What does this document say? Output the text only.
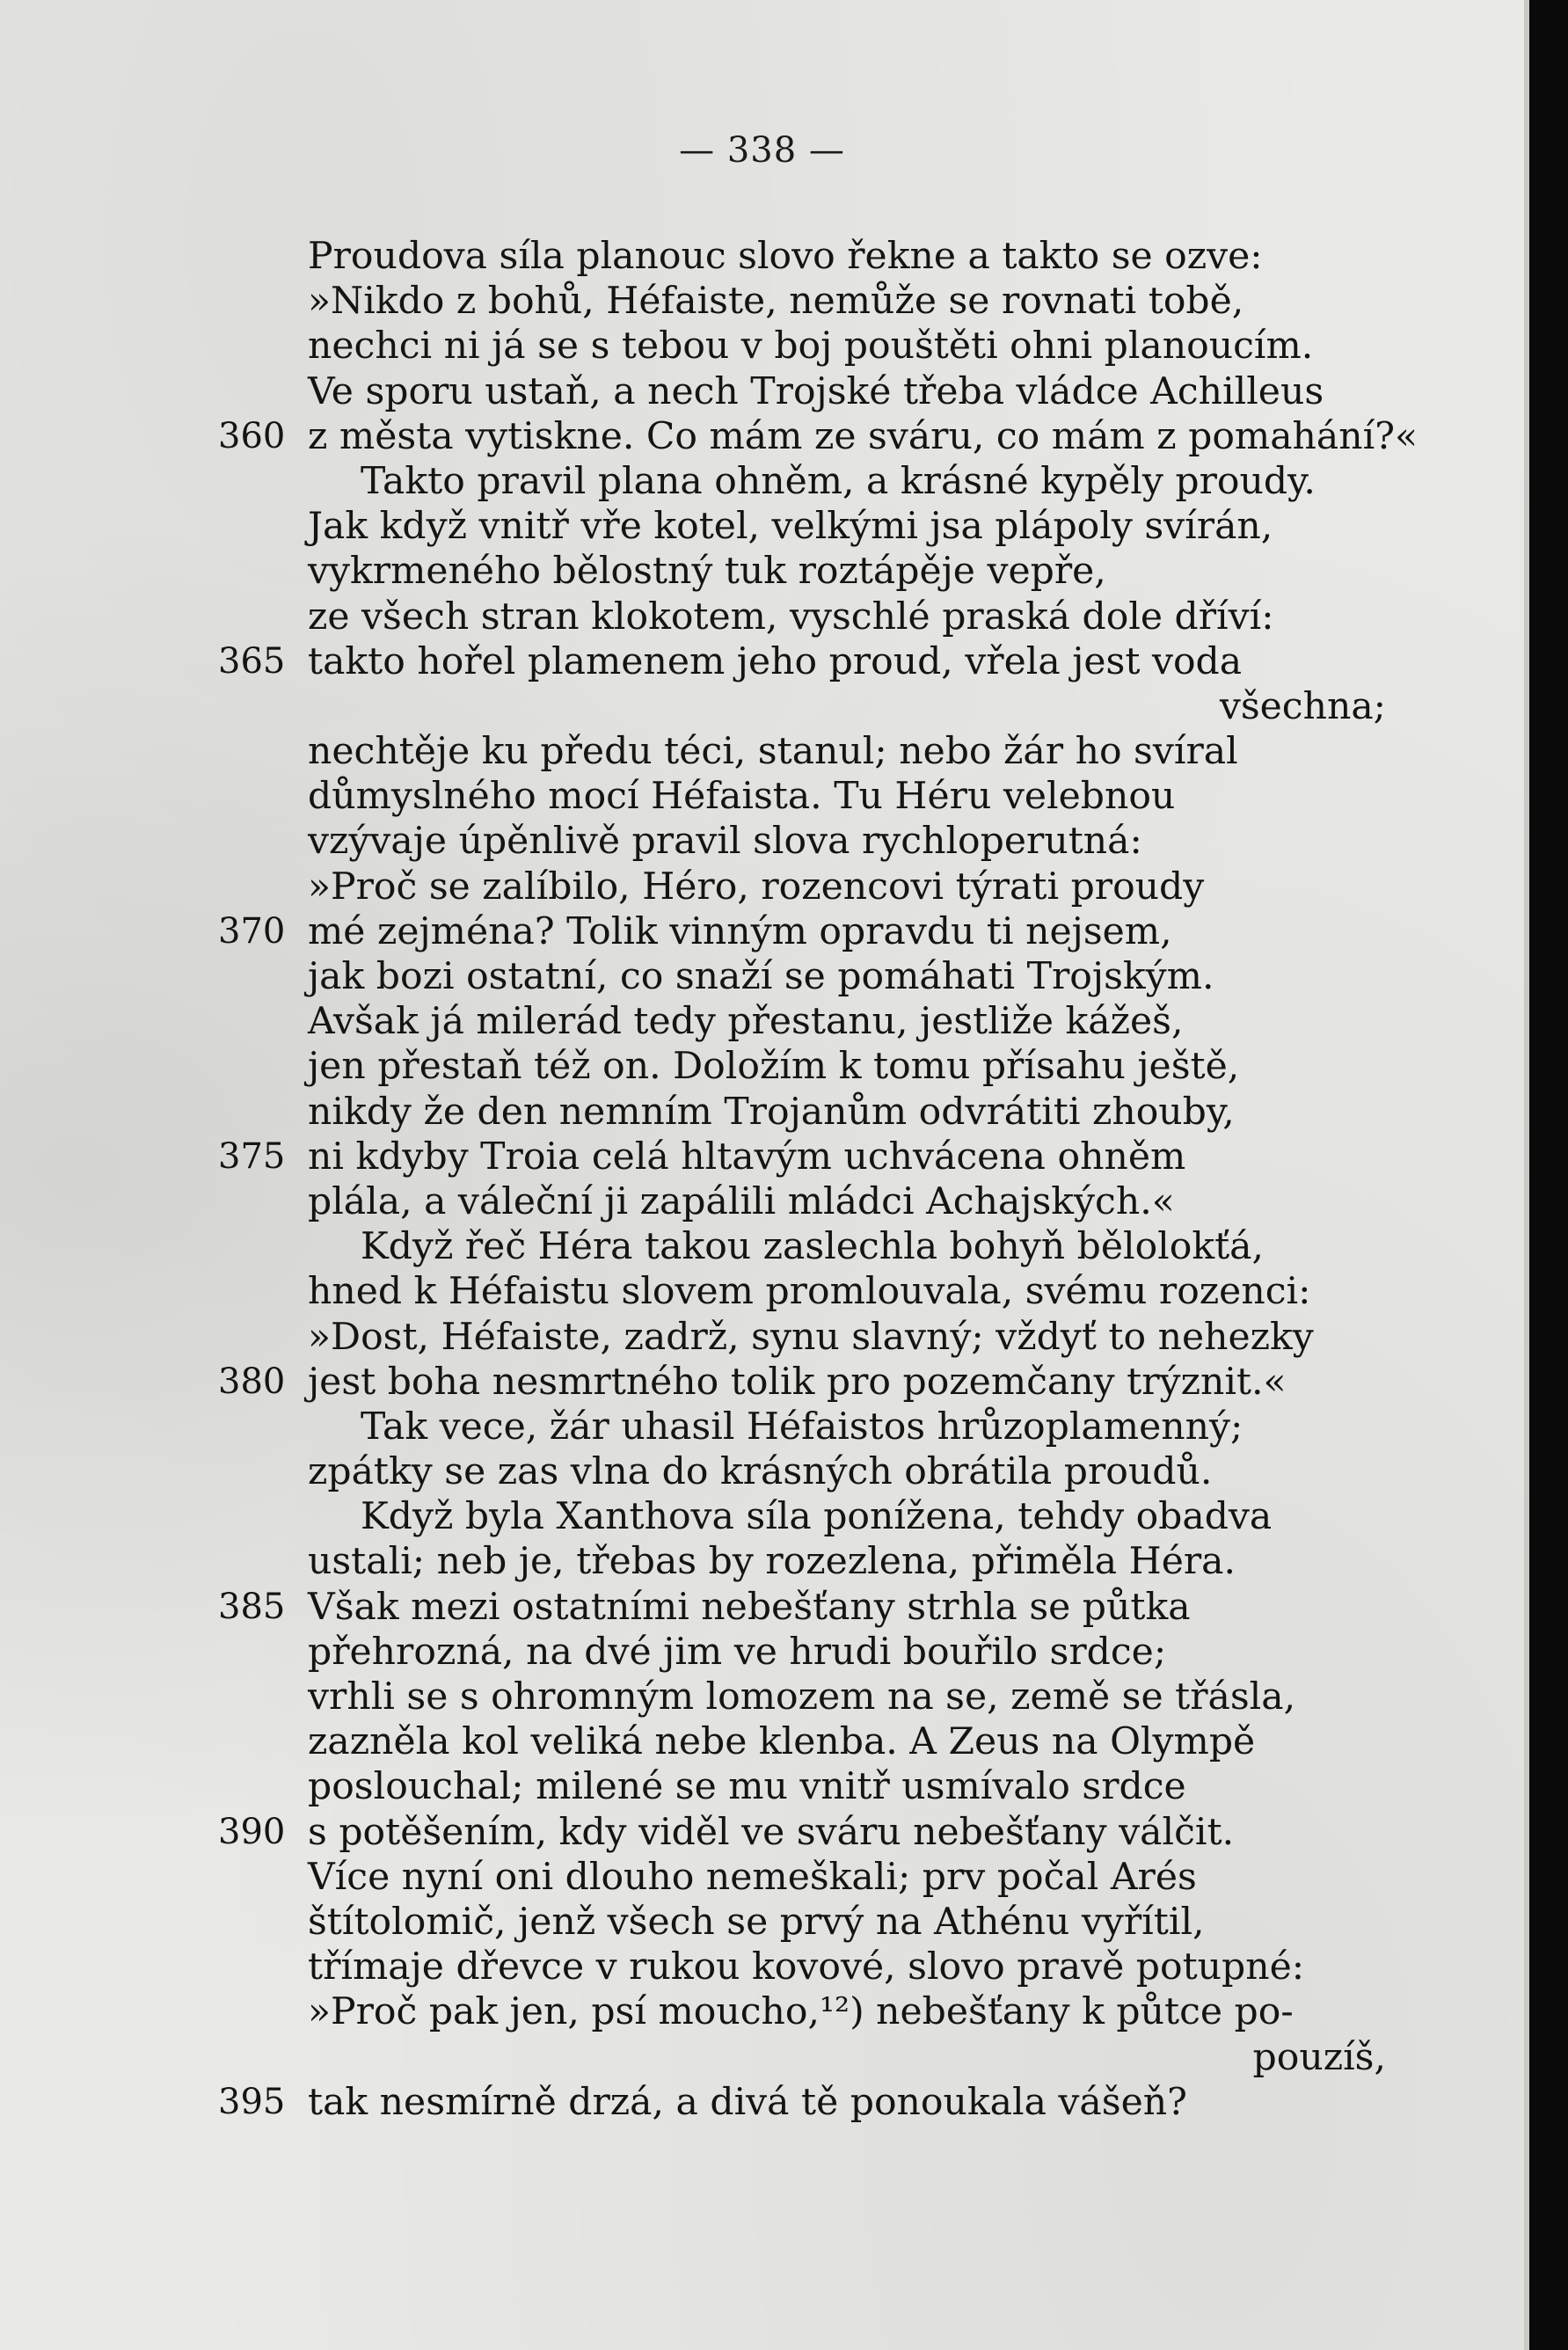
— 338 —
Proudova síla planouc slovo řekne a takto se ozve:
»Nikdo z bohů, Héfaiste, nemůže se rovnati tobě,
nechci ni já se s tebou v boj pouštěti ohni planoucím.
Ve sporu ustaň, a nech Trojské třeba vládce Achilleus
360 z města vytiskne. Co mám ze sváru, co mám z pomahání?«
Takto pravil plana ohněm, a krásné kypěly proudy.
Jak když vnitř vře kotel, velkými jsa plápoly svírán,
vykrmeného bělostný tuk roztápěje vepře,
ze všech stran klokotem, vyschlé praská dole dříví:
365 takto hořel plamenem jeho proud, vřela jest voda
všechna;
nechtěje ku předu téci, stanul; nebo žár ho svíral
důmyslného mocí Héfaista. Tu Héru velebnou
vzývaje úpěnlivě pravil slova rychloperutná:
»Proč se zalíbilo, Héro, rozencovi týrati proudy
370 mé zejména? Tolik vinným opravdu ti nejsem,
jak bozi ostatní, co snaží se pomáhati Trojským.
Avšak já milerád tedy přestanu, jestliže kážeš,
jen přestaň též on. Doložím k tomu přísahu ještě,
nikdy že den nemním Trojanům odvrátiti zhouby,
375 ni kdyby Troia celá hltavým uchvácena ohněm
plála, a váleční ji zapálili mládci Achajských.«
Když řeč Héra takou zaslechla bohyň bělolokťá,
hned k Héfaistu slovem promlouvala, svému rozenci:
»Dost, Héfaiste, zadrž, synu slavný; vždyť to nehezky
380 jest boha nesmrtného tolik pro pozemčany trýznit.«
Tak vece, žár uhasil Héfaistos hrůzoplamenný;
zpátky se zas vlna do krásných obrátila proudů.
Když byla Xanthova síla ponížena, tehdy obadva
ustali; neb je, třebas by rozezlena, přiměla Héra.
385 Však mezi ostatními nebešťany strhla se půtka
přehrozná, na dvé jim ve hrudi bouřilo srdce;
vrhli se s ohromným lomozem na se, země se třásla,
zazněla kol veliká nebe klenba. A Zeus na Olympě
poslouchal; milené se mu vnitř usmívalo srdce
390 s potěšením, kdy viděl ve sváru nebešťany válčit.
Více nyní oni dlouho nemeškali; prv počal Arés
štítolomič, jenž všech se prvý na Athénu vyřítil,
třímaje dřevce v rukou kovové, slovo pravě potupné:
»Proč pak jen, psí moucho,¹²) nebešťany k půtce po-
pouzíš,
395 tak nesmírně drzá, a divá tě ponoukala vášeň?
